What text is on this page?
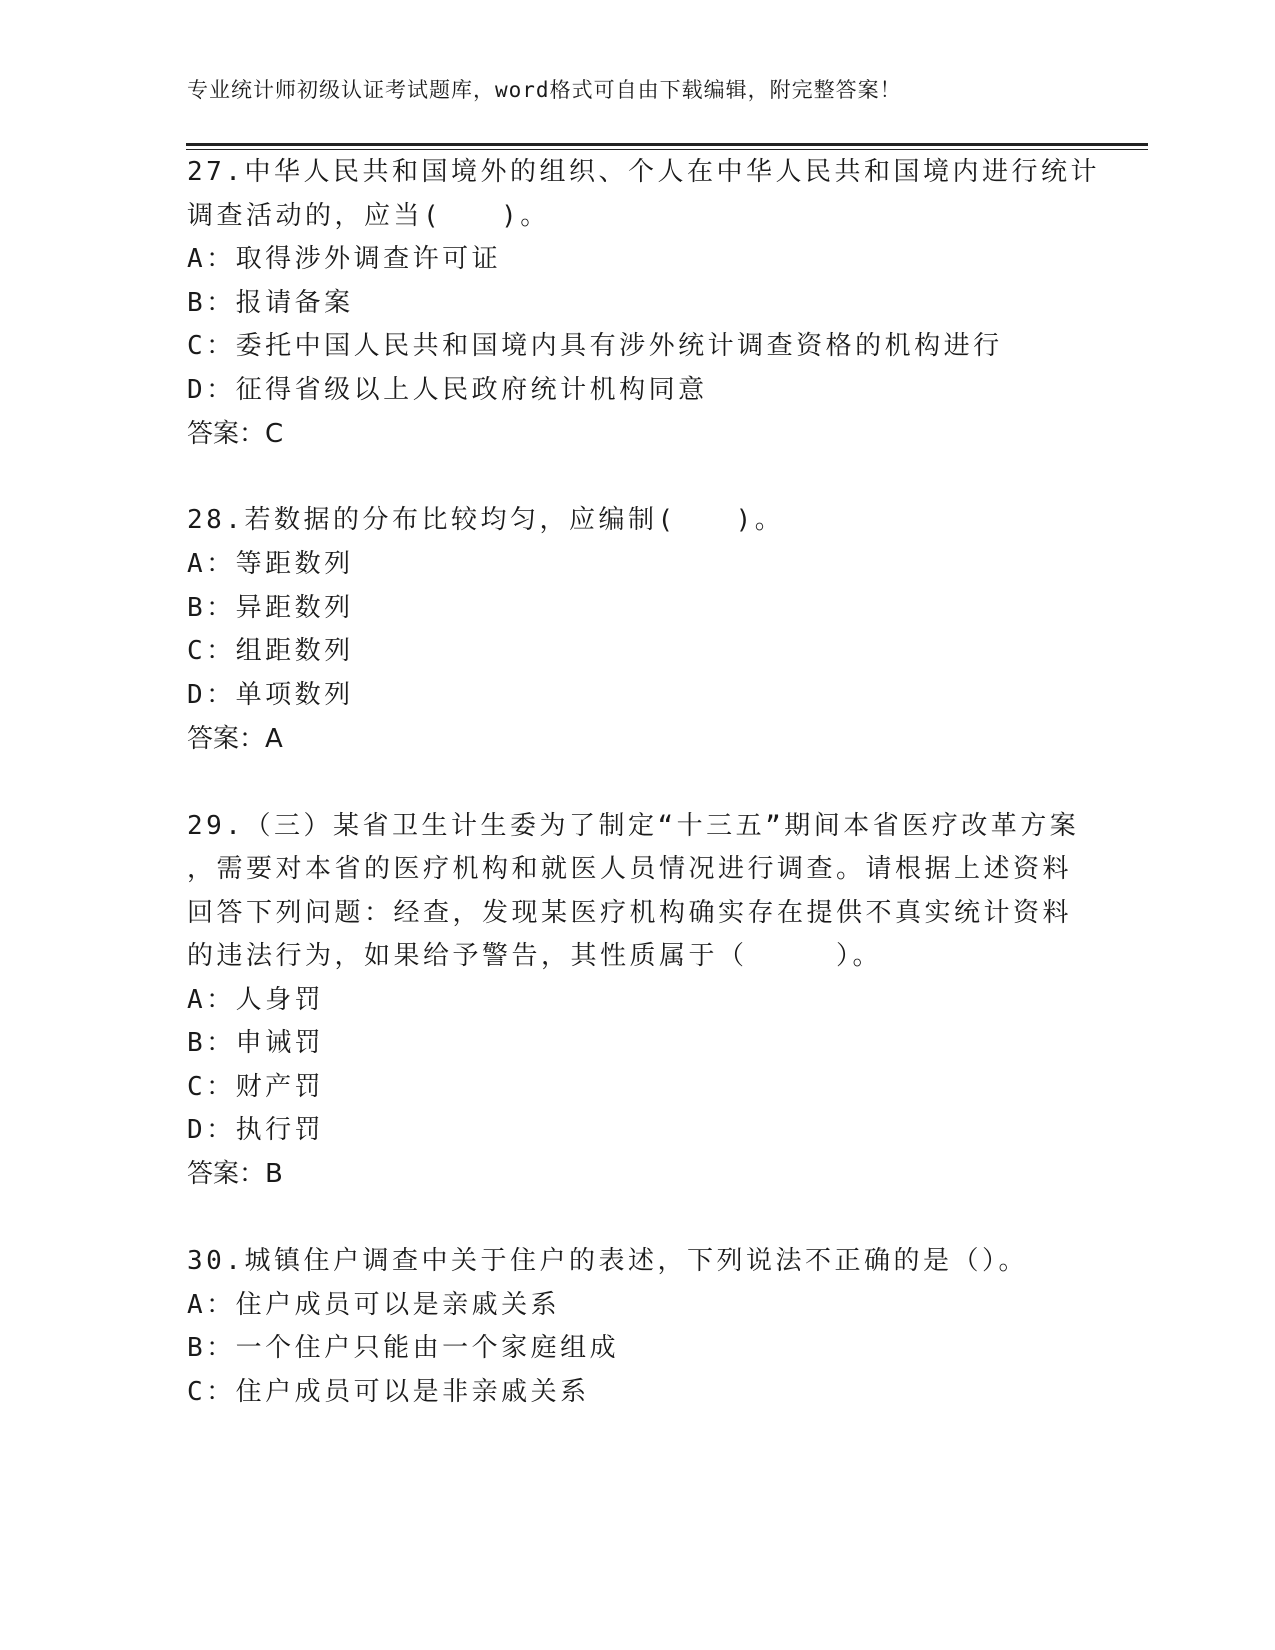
专业统计师初级认证考试题库，word格式可自由下载编辑，附完整答案！
27.中华人民共和国境外的组织、个人在中华人民共和国境内进行统计
调查活动的，应当(　　)。
A：取得涉外调查许可证
B：报请备案
C：委托中国人民共和国境内具有涉外统计调查资格的机构进行
D：征得省级以上人民政府统计机构同意
答案：C
28.若数据的分布比较均匀，应编制(　　)。
A：等距数列
B：异距数列
C：组距数列
D：单项数列
答案：A
29.（三）某省卫生计生委为了制定“十三五”期间本省医疗改革方案
，需要对本省的医疗机构和就医人员情况进行调查。请根据上述资料
回答下列问题：经查，发现某医疗机构确实存在提供不真实统计资料
的违法行为，如果给予警告，其性质属于（　　　）。
A：人身罚
B：申诫罚
C：财产罚
D：执行罚
答案：B
30.城镇住户调查中关于住户的表述，下列说法不正确的是（）。
A：住户成员可以是亲戚关系
B：一个住户只能由一个家庭组成
C：住户成员可以是非亲戚关系
